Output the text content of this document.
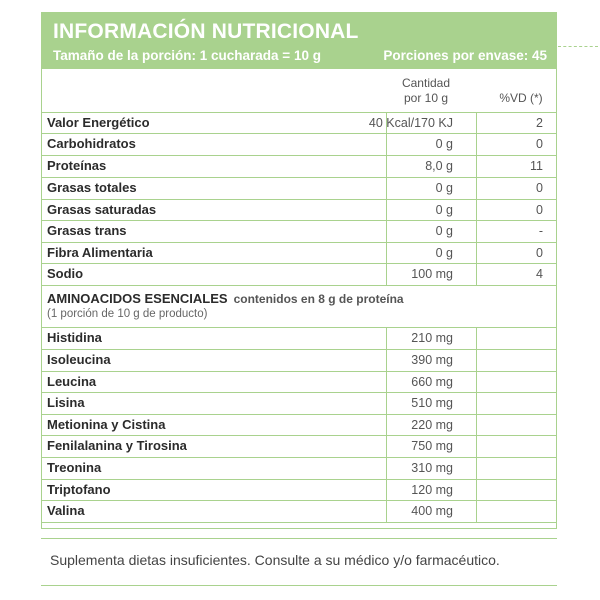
INFORMACIÓN NUTRICIONAL
Tamaño de la porción: 1 cucharada = 10 g	Porciones por envase: 45
Cantidad
por 10 g	%VD (*)
Valor Energético	40 Kcal/170 KJ	2
Carbohidratos	0 g	0
Proteínas	8,0 g	11
Grasas totales	0 g	0
Grasas saturadas	0 g	0
Grasas trans	0 g	-
Fibra Alimentaria	0 g	0
Sodio	100 mg	4
AMINOACIDOS ESENCIALES contenidos en 8 g de proteína
(1 porción de 10 g de producto)
Histidina	210 mg
Isoleucina	390 mg
Leucina	660 mg
Lisina	510 mg
Metionina y Cistina	220 mg
Fenilalanina y Tirosina	750 mg
Treonina	310 mg
Triptofano	120 mg
Valina	400 mg
Suplementa dietas insuficientes. Consulte a su médico y/o farmacéutico.
